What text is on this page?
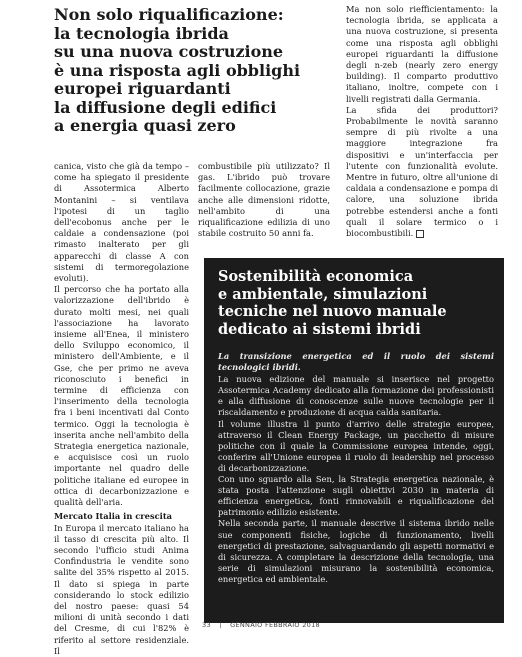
Non solo riqualificazione:
la tecnologia ibrida
su una nuova costruzione
è una risposta agli obblighi
europei riguardanti
la diffusione degli edifici
a energia quasi zero

canica, visto che già da tempo – come ha spiegato il presidente di Assotermica Alberto Montanini – si ventilava l'ipotesi di un taglio dell'ecobonus anche per le caldaie a condensazione (poi rimasto inalterato per gli apparecchi di classe A con sistemi di termoregolazione evoluti).

Il percorso che ha portato alla valorizzazione dell'ibrido è durato molti mesi, nei quali l'associazione ha lavorato insieme all'Enea, il ministero dello Sviluppo economico, il ministero dell'Ambiente, e il Gse, che per primo ne aveva riconosciuto i benefici in termine di efficienza con l'inserimento della tecnologia fra i beni incentivati dal Conto termico. Oggi la tecnologia è inserita anche nell'ambito della Strategia energetica nazionale, e acquisisce così un ruolo importante nel quadro delle politiche italiane ed europee in ottica di decarbonizzazione e qualità dell'aria.

Mercato Italia in crescita

In Europa il mercato italiano ha il tasso di crescita più alto. Il secondo l'ufficio studi Anima Confindustria le vendite sono salite del 35% rispetto al 2015. Il dato si spiega in parte considerando lo stock edilizio del nostro paese: quasi 54 milioni di unità secondo i dati del Cresme, di cui l'82% è riferito al settore residenziale. Il

combustibile più utilizzato? Il gas. L'ibrido può trovare facilmente collocazione, grazie anche alle dimensioni ridotte, nell'ambito di una riqualificazione edilizia di uno stabile costruito 50 anni fa.

Ma non solo riefficientamento: la tecnologia ibrida, se applicata a una nuova costruzione, si presenta come una risposta agli obblighi europei riguardanti la diffusione degli n-zeb (nearly zero energy building). Il comparto produttivo italiano, inoltre, compete con i livelli registrati dalla Germania.

La sfida dei produttori? Probabilmente le novità saranno sempre di più rivolte a una maggiore integrazione fra dispositivi e un'interfaccia per l'utente con funzionalità evolute. Mentre in futuro, oltre all'unione di caldaia a condensazione e pompa di calore, una soluzione ibrida potrebbe estendersi anche a fonti quali il solare termico o i biocombustibili.

Sostenibilità economica
e ambientale, simulazioni
tecniche nel nuovo manuale
dedicato ai sistemi ibridi

La transizione energetica ed il ruolo dei sistemi tecnologici ibridi.

La nuova edizione del manuale si inserisce nel progetto Assotermica Academy dedicato alla formazione dei professionisti e alla diffusione di conoscenze sulle nuove tecnologie per il riscaldamento e produzione di acqua calda sanitaria.

Il volume illustra il punto d'arrivo delle strategie europee, attraverso il Clean Energy Package, un pacchetto di misure politiche con il quale la Commissione europea intende, oggi, conferire all'Unione europea il ruolo di leadership nel processo di decarbonizzazione.

Con uno sguardo alla Sen, la Strategia energetica nazionale, è stata posta l'attenzione sugli obiettivi 2030 in materia di efficienza energetica, fonti rinnovabili e riqualificazione del patrimonio edilizio esistente.

Nella seconda parte, il manuale descrive il sistema ibrido nelle sue componenti fisiche, logiche di funzionamento, livelli energetici di prestazione, salvaguardando gli aspetti normativi e di sicurezza. A completare la descrizione della tecnologia, una serie di simulazioni misurano la sostenibilità economica, energetica ed ambientale.

33 | GENNAIO FEBBRAIO 2018
